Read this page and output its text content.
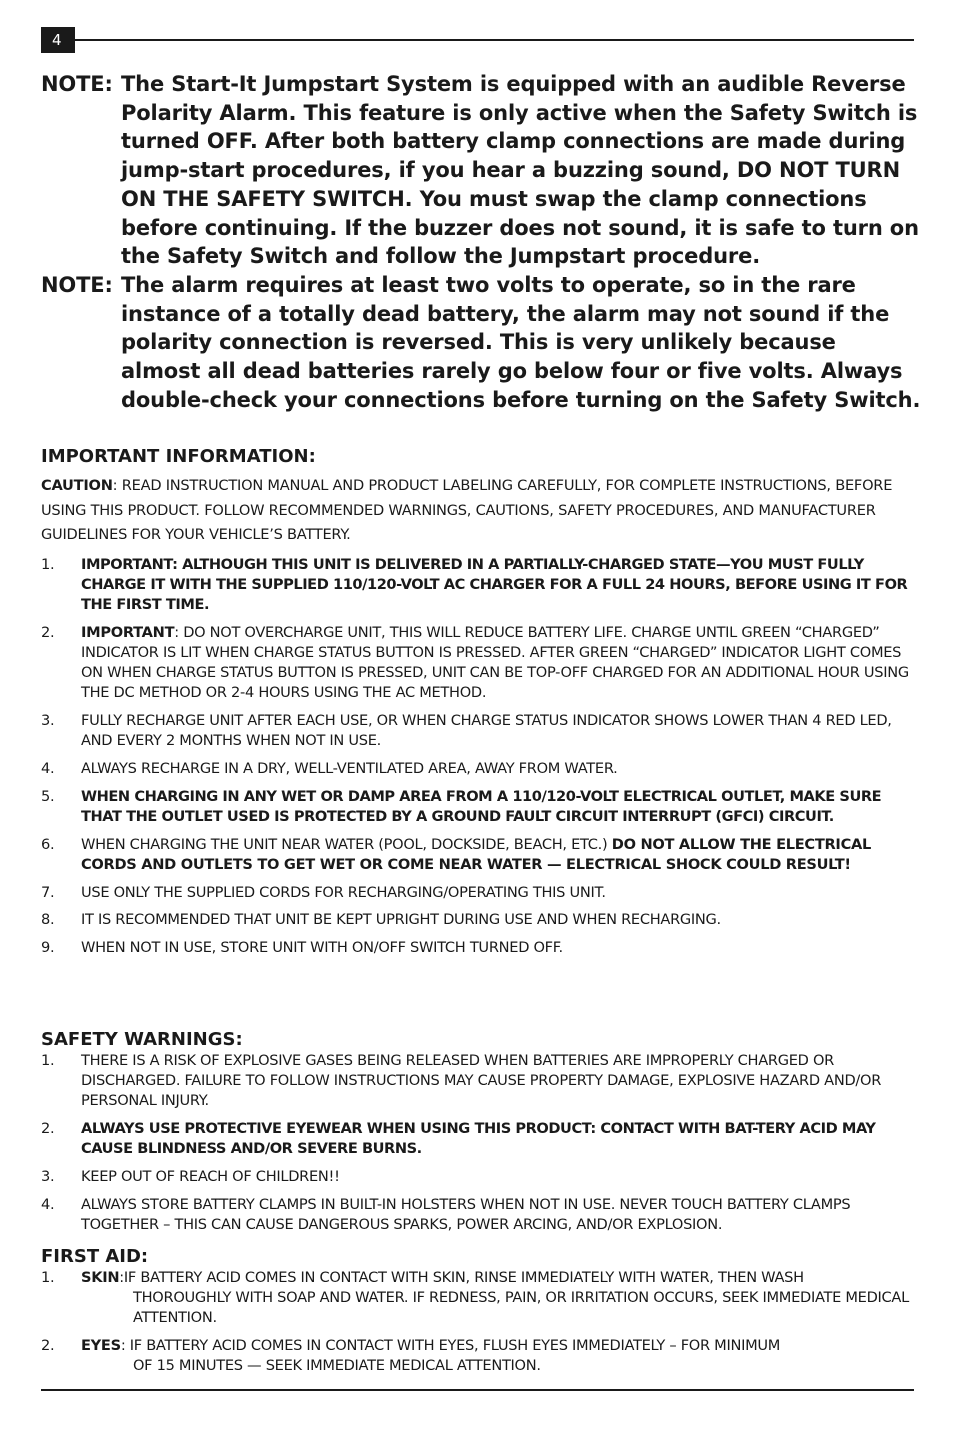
4
NOTE: The Start-It Jumpstart System is equipped with an audible Reverse Polarity Alarm. This feature is only active when the Safety Switch is turned OFF. After both battery clamp connections are made during jump-start procedures, if you hear a buzzing sound, DO NOT TURN ON THE SAFETY SWITCH. You must swap the clamp connections before continuing. If the buzzer does not sound, it is safe to turn on the Safety Switch and follow the Jumpstart procedure.
NOTE: The alarm requires at least two volts to operate, so in the rare instance of a totally dead battery, the alarm may not sound if the polarity connection is reversed. This is very unlikely because almost all dead batteries rarely go below four or five volts. Always double-check your connections before turning on the Safety Switch.
IMPORTANT INFORMATION:
CAUTION: READ INSTRUCTION MANUAL AND PRODUCT LABELING CAREFULLY, FOR COMPLETE INSTRUCTIONS, BEFORE USING THIS PRODUCT. FOLLOW RECOMMENDED WARNINGS, CAUTIONS, SAFETY PROCEDURES, AND MANUFACTURER GUIDELINES FOR YOUR VEHICLE’S BATTERY.
1.	IMPORTANT: ALTHOUGH THIS UNIT IS DELIVERED IN A PARTIALLY-CHARGED STATE—YOU MUST FULLY CHARGE IT WITH THE SUPPLIED 110/120-VOLT AC CHARGER FOR A FULL 24 HOURS, BEFORE USING IT FOR THE FIRST TIME.
2.	IMPORTANT: DO NOT OVERCHARGE UNIT, THIS WILL REDUCE BATTERY LIFE. CHARGE UNTIL GREEN “CHARGED” INDICATOR IS LIT WHEN CHARGE STATUS BUTTON IS PRESSED. AFTER GREEN “CHARGED” INDICATOR LIGHT COMES ON WHEN CHARGE STATUS BUTTON IS PRESSED, UNIT CAN BE TOP-OFF CHARGED FOR AN ADDITIONAL HOUR USING THE DC METHOD OR 2-4 HOURS USING THE AC METHOD.
3.	FULLY RECHARGE UNIT AFTER EACH USE, OR WHEN CHARGE STATUS INDICATOR SHOWS LOWER THAN 4 RED LED, AND EVERY 2 MONTHS WHEN NOT IN USE.
4.	ALWAYS RECHARGE IN A DRY, WELL-VENTILATED AREA, AWAY FROM WATER.
5.	WHEN CHARGING IN ANY WET OR DAMP AREA FROM A 110/120-VOLT ELECTRICAL OUTLET, MAKE SURE THAT THE OUTLET USED IS PROTECTED BY A GROUND FAULT CIRCUIT INTERRUPT (GFCI) CIRCUIT.
6.	WHEN CHARGING THE UNIT NEAR WATER (POOL, DOCKSIDE, BEACH, ETC.) DO NOT ALLOW THE ELECTRICAL CORDS AND OUTLETS TO GET WET OR COME NEAR WATER — ELECTRICAL SHOCK COULD RESULT!
7.	USE ONLY THE SUPPLIED CORDS FOR RECHARGING/OPERATING THIS UNIT.
8.	IT IS RECOMMENDED THAT UNIT BE KEPT UPRIGHT DURING USE AND WHEN RECHARGING.
9.	WHEN NOT IN USE, STORE UNIT WITH ON/OFF SWITCH TURNED OFF.
SAFETY WARNINGS:
1.	THERE IS A RISK OF EXPLOSIVE GASES BEING RELEASED WHEN BATTERIES ARE IMPROPERLY CHARGED OR DISCHARGED. FAILURE TO FOLLOW INSTRUCTIONS MAY CAUSE PROPERTY DAMAGE, EXPLOSIVE HAZARD AND/OR PERSONAL INJURY.
2.	ALWAYS USE PROTECTIVE EYEWEAR WHEN USING THIS PRODUCT: CONTACT WITH BAT-TERY ACID MAY CAUSE BLINDNESS AND/OR SEVERE BURNS.
3.	KEEP OUT OF REACH OF CHILDREN!!
4.	ALWAYS STORE BATTERY CLAMPS IN BUILT-IN HOLSTERS WHEN NOT IN USE. NEVER TOUCH BATTERY CLAMPS TOGETHER – THIS CAN CAUSE DANGEROUS SPARKS, POWER ARCING, AND/OR EXPLOSION.
FIRST AID:
1.	SKIN:IF BATTERY ACID COMES IN CONTACT WITH SKIN, RINSE IMMEDIATELY WITH WATER, THEN WASH
THOROUGHLY WITH SOAP AND WATER. IF REDNESS, PAIN, OR IRRITATION OCCURS, SEEK IMMEDIATE MEDICAL ATTENTION.
2.	EYES: IF BATTERY ACID COMES IN CONTACT WITH EYES, FLUSH EYES IMMEDIATELY – FOR MINIMUM
OF 15 MINUTES — SEEK IMMEDIATE MEDICAL ATTENTION.
